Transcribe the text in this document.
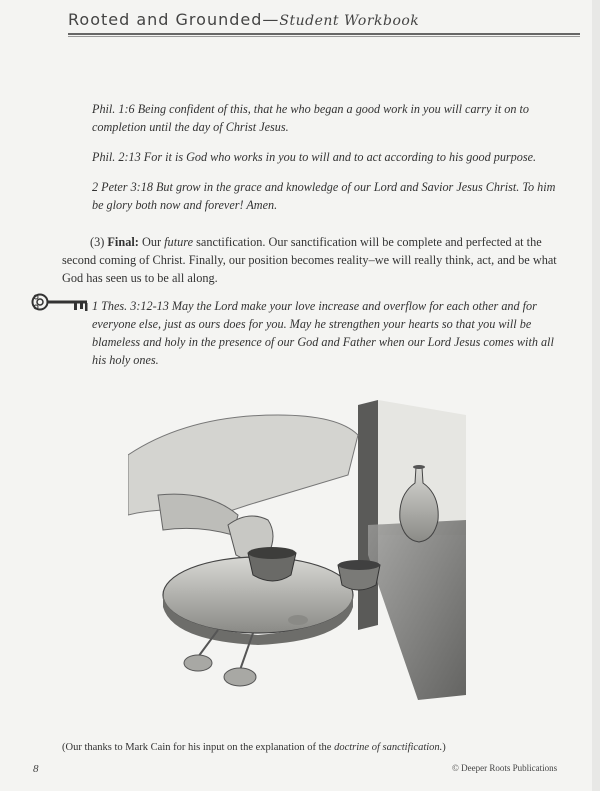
Rooted and Grounded—Student Workbook

Phil. 1:6 Being confident of this, that he who began a good work in you will carry it on to completion until the day of Christ Jesus.

Phil. 2:13 For it is God who works in you to will and to act according to his good purpose.

2 Peter 3:18 But grow in the grace and knowledge of our Lord and Savior Jesus Christ. To him be glory both now and forever! Amen.

(3) Final: Our future sanctification. Our sanctification will be complete and perfected at the second coming of Christ. Finally, our position becomes reality–we will really think, act, and be what God has seen us to be all along.

1 Thes. 3:12-13 May the Lord make your love increase and overflow for each other and for everyone else, just as ours does for you. May he strengthen your hearts so that you will be blameless and holy in the presence of our God and Father when our Lord Jesus comes with all his holy ones.

(Our thanks to Mark Cain for his input on the explanation of the doctrine of sanctification.)

8	© Deeper Roots Publications
